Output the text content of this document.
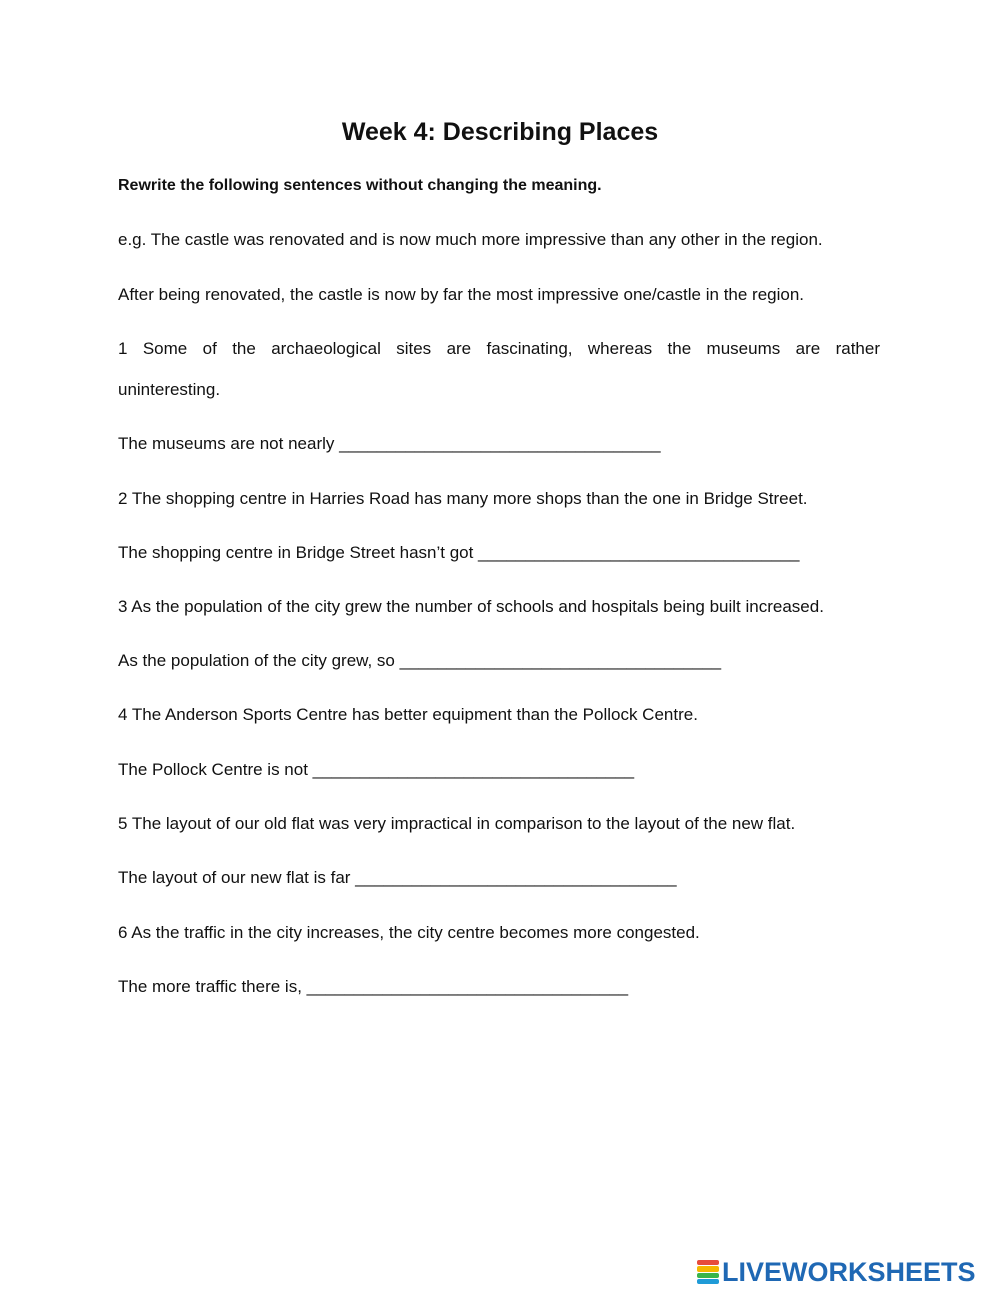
Week 4: Describing Places
Rewrite the following sentences without changing the meaning.
e.g. The castle was renovated and is now much more impressive than any other in the region.
After being renovated, the castle is now by far the most impressive one/castle in the region.
1 Some of the archaeological sites are fascinating, whereas the museums are rather
uninteresting.
The museums are not nearly __________________________________
2 The shopping centre in Harries Road has many more shops than the one in Bridge Street.
The shopping centre in Bridge Street hasn’t got __________________________________
3 As the population of the city grew the number of schools and hospitals being built increased.
As the population of the city grew, so __________________________________
4 The Anderson Sports Centre has better equipment than the Pollock Centre.
The Pollock Centre is not __________________________________
5 The layout of our old flat was very impractical in comparison to the layout of the new flat.
The layout of our new flat is far __________________________________
6 As the traffic in the city increases, the city centre becomes more congested.
The more traffic there is, __________________________________
LIVEWORKSHEETS
